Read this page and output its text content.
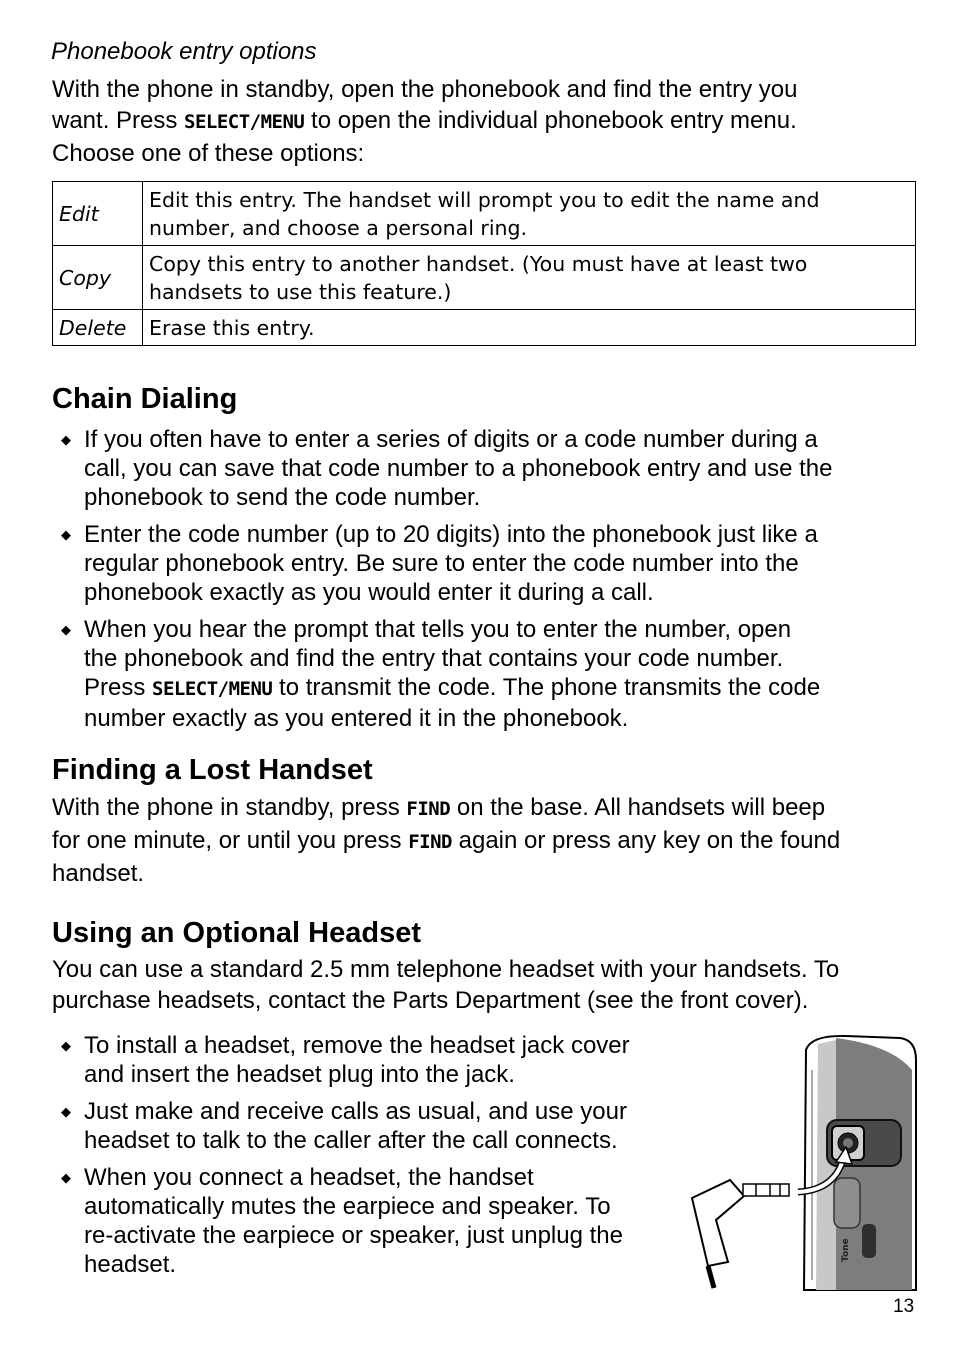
Phonebook entry options
With the phone in standby, open the phonebook and find the entry you
want. Press SELECT/MENU to open the individual phonebook entry menu.
Choose one of these options:
Edit	Edit this entry. The handset will prompt you to edit the name and
number, and choose a personal ring.

Copy	Copy this entry to another handset. (You must have at least two
handsets to use this feature.)

Delete	Erase this entry.
Chain Dialing
◆ If you often have to enter a series of digits or a code number during a
call, you can save that code number to a phonebook entry and use the
phonebook to send the code number.
◆ Enter the code number (up to 20 digits) into the phonebook just like a
regular phonebook entry. Be sure to enter the code number into the
phonebook exactly as you would enter it during a call.
◆ When you hear the prompt that tells you to enter the number, open
the phonebook and find the entry that contains your code number.
Press SELECT/MENU to transmit the code. The phone transmits the code
number exactly as you entered it in the phonebook.
Finding a Lost Handset
With the phone in standby, press FIND on the base. All handsets will beep
for one minute, or until you press FIND again or press any key on the found
handset.
Using an Optional Headset
You can use a standard 2.5 mm telephone headset with your handsets. To
purchase headsets, contact the Parts Department (see the front cover).
◆ To install a headset, remove the headset jack cover
and insert the headset plug into the jack.
◆ Just make and receive calls as usual, and use your
headset to talk to the caller after the call connects.
◆ When you connect a headset, the handset
automatically mutes the earpiece and speaker. To
re-activate the earpiece or speaker, just unplug the
headset.
Tone
13
